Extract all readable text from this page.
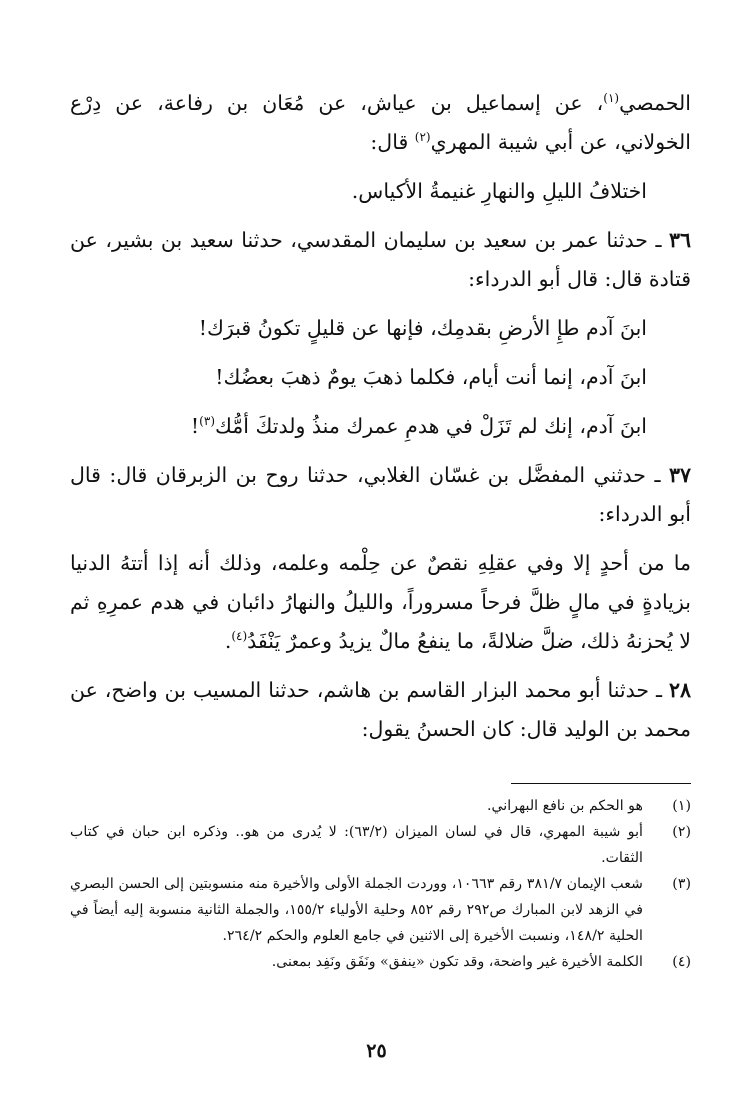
الحمصي$^{(١)}$، عن إسماعيل بن عياش، عن مُعَان بن رفاعة، عن دِرْع الخولاني، عن أبي شيبة المهري$^{(٢)}$ قال:

اختلافُ الليلِ والنهارِ غنيمةُ الأكياس.

٣٦ ـ حدثنا عمر بن سعيد بن سليمان المقدسي، حدثنا سعيد بن بشير، عن قتادة قال: قال أبو الدرداء:

ابنَ آدم طإِ الأرضِ بقدمِك، فإنها عن قليلٍ تكونُ قبرَك!

ابنَ آدم، إنما أنت أيام، فكلما ذهبَ يومٌ ذهبَ بعضُك!

ابنَ آدم، إنك لم تَزَلْ في هدمِ عمرك منذُ ولدتكَ أمُّك$^{(٣)}$!

٣٧ ـ حدثني المفضَّل بن غسّان الغلابي، حدثنا روح بن الزبرقان قال: قال أبو الدرداء:

ما من أحدٍ إلا وفي عقلِهِ نقصٌ عن حِلْمه وعلمه، وذلك أنه إذا أتتهُ الدنيا بزيادةٍ في مالٍ ظلَّ فرحاً مسروراً، والليلُ والنهارُ دائبان في هدم عمرِهِ ثم لا يُحزنهُ ذلك، ضلَّ ضلالةً، ما ينفعُ مالٌ يزيدُ وعمرٌ يَنْفَدُ$^{(٤)}$.

٢٨ ـ حدثنا أبو محمد البزار القاسم بن هاشم، حدثنا المسيب بن واضح، عن محمد بن الوليد قال: كان الحسنُ يقول:

(١)
هو الحكم بن نافع البهراني.
(٢)
أبو شيبة المهري، قال في لسان الميزان (٦٣/٢): لا يُدرى من هو.. وذكره ابن حبان في كتاب الثقات.
(٣)
شعب الإيمان ٣٨١/٧ رقم ١٠٦٦٣، ووردت الجملة الأولى والأخيرة منه منسوبتين إلى الحسن البصري في الزهد لابن المبارك ص٢٩٢ رقم ٨٥٢ وحلية الأولياء ١٥٥/٢، والجملة الثانية منسوبة إليه أيضاً في الحلية ١٤٨/٢، ونسبت الأخيرة إلى الاثنين في جامع العلوم والحكم ٢٦٤/٢.
(٤)
الكلمة الأخيرة غير واضحة، وقد تكون «ينفق» ونَفَق ونَفِد بمعنى.
٢٥
